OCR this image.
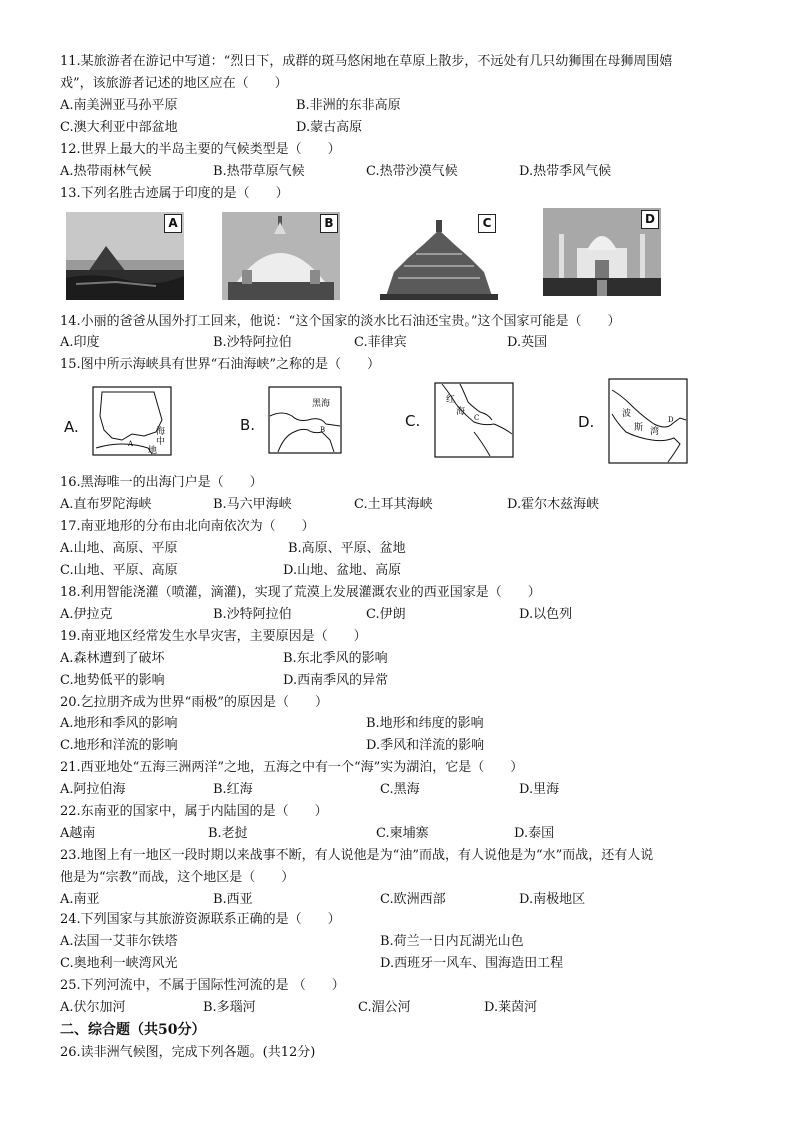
11.某旅游者在游记中写道：“烈日下，成群的斑马悠闲地在草原上散步，不远处有几只幼狮围在母狮周围嬉
戏”，该旅游者记述的地区应在（　　）
A.南美洲亚马孙平原	B.非洲的东非高原
C.澳大利亚中部盆地	D.蒙古高原
12.世界上最大的半岛主要的气候类型是（　　）
A.热带雨林气候	B.热带草原气候	C.热带沙漠气候	D.热带季风气候
13.下列名胜古迹属于印度的是（　　）
A	B	C	D
14.小丽的爸爸从国外打工回来，他说：“这个国家的淡水比石油还宝贵。”这个国家可能是（　　）
A.印度	B.沙特阿拉伯	C.菲律宾	D.英国
15.图中所示海峡具有世界“石油海峡”之称的是（　　）
A.	海
中
地
A
B.
黑海
B	C.
红
海
C	D.	波
斯 湾
D
16.黑海唯一的出海门户是（　　）
A.直布罗陀海峡	B.马六甲海峡	C.土耳其海峡	D.霍尔木兹海峡
17.南亚地形的分布由北向南依次为（　　）
A.山地、高原、平原	B.高原、平原、盆地
C.山地、平原、高原	D.山地、盆地、高原
18.利用智能浇灌（喷灌，滴灌)，实现了荒漠上发展灌溉农业的西亚国家是（　　）
A.伊拉克	B.沙特阿拉伯	C.伊朗	D.以色列
19.南亚地区经常发生水旱灾害，主要原因是（　　）
A.森林遭到了破坏	B.东北季风的影响
C.地势低平的影响	D.西南季风的异常
20.乞拉朋齐成为世界“雨极”的原因是（　　）
A.地形和季风的影响	B.地形和纬度的影响
C.地形和洋流的影响	D.季风和洋流的影响
21.西亚地处“五海三洲两洋”之地，五海之中有一个“海”实为湖泊，它是（　　）
A.阿拉伯海	B.红海	C.黑海	D.里海
22.东南亚的国家中，属于内陆国的是（　　）
A越南	B.老挝	C.柬埔寨	D.泰国
23.地图上有一地区一段时期以来战事不断，有人说他是为“油”而战，有人说他是为“水”而战，还有人说
他是为“宗教”而战，这个地区是（　　）
A.南亚	B.西亚	C.欧洲西部	D.南极地区
24.下列国家与其旅游资源联系正确的是（　　）
A.法国一艾菲尔铁塔	B.荷兰一日内瓦湖光山色
C.奥地利一峡湾风光	D.西班牙一风车、围海造田工程
25.下列河流中，不属于国际性河流的是 （　　）
A.伏尔加河	B.多瑙河	C.湄公河	D.莱茵河
二、综合题（共50分）
26.读非洲气候图，完成下列各题。(共12分)
